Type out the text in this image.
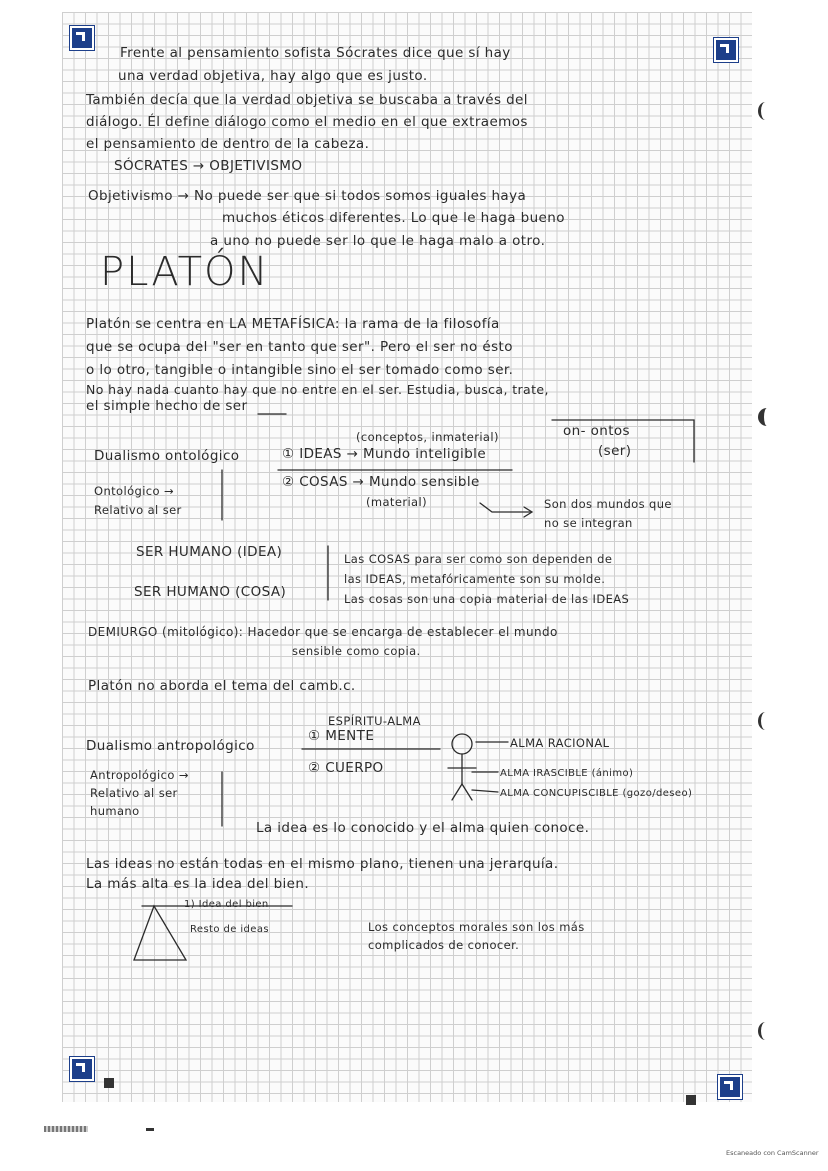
Frente al pensamiento sofista Sócrates dice que sí hay
una verdad objetiva, hay algo que es justo.
También decía que la verdad objetiva se buscaba a través del
diálogo. Él define diálogo como el medio en el que extraemos
el pensamiento de dentro de la cabeza.
SÓCRATES → OBJETIVISMO
Objetivismo → No puede ser que si todos somos iguales haya
muchos éticos diferentes. Lo que le haga bueno
a uno no puede ser lo que le haga malo a otro.
PLATÓN
Platón se centra en LA METAFÍSICA: la rama de la filosofía
que se ocupa del "ser en tanto que ser". Pero el ser no ésto
o lo otro, tangible o intangible sino el ser tomado como ser.
No hay nada cuanto hay que no entre en el ser. Estudia, busca, trate,
el simple hecho de ser
(conceptos, inmaterial)
Dualismo ontológico	① IDEAS → Mundo inteligible
② COSAS → Mundo sensible
(material)
on- ontos
(ser)
Ontológico →
Relativo al ser	Son dos mundos que
no se integran
SER HUMANO (IDEA)
SER HUMANO (COSA)
Las COSAS para ser como son dependen de
las IDEAS, metafóricamente son su molde.
Las cosas son una copia material de las IDEAS
DEMIURGO (mitológico): Hacedor que se encarga de establecer el mundo
sensible como copia.
Platón no aborda el tema del camb.c.
ESPÍRITU-ALMA
① MENTE
Dualismo antropológico
② CUERPO
ALMA RACIONAL
ALMA IRASCIBLE (ánimo)
ALMA CONCUPISCIBLE (gozo/deseo)
Antropológico →
Relativo al ser
humano
La idea es lo conocido y el alma quien conoce.
Las ideas no están todas en el mismo plano, tienen una jerarquía.
La más alta es la idea del bien.
1) Idea del bien
Resto de ideas	Los conceptos morales son los más
complicados de conocer.
Escaneado con CamScanner
